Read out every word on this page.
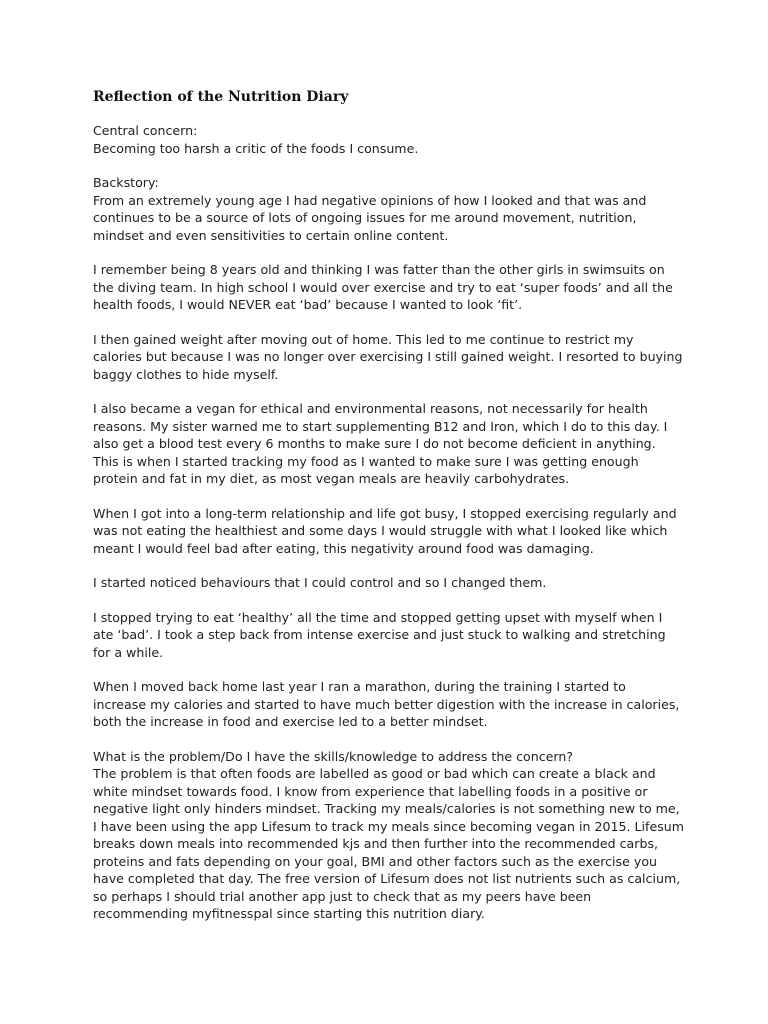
Reflection of the Nutrition Diary
Central concern:
Becoming too harsh a critic of the foods I consume.
Backstory:
From an extremely young age I had negative opinions of how I looked and that was and
continues to be a source of lots of ongoing issues for me around movement, nutrition,
mindset and even sensitivities to certain online content.
I remember being 8 years old and thinking I was fatter than the other girls in swimsuits on
the diving team. In high school I would over exercise and try to eat ‘super foods’ and all the
health foods, I would NEVER eat ‘bad’ because I wanted to look ‘fit’.
I then gained weight after moving out of home. This led to me continue to restrict my
calories but because I was no longer over exercising I still gained weight. I resorted to buying
baggy clothes to hide myself.
I also became a vegan for ethical and environmental reasons, not necessarily for health
reasons. My sister warned me to start supplementing B12 and Iron, which I do to this day. I
also get a blood test every 6 months to make sure I do not become deficient in anything.
This is when I started tracking my food as I wanted to make sure I was getting enough
protein and fat in my diet, as most vegan meals are heavily carbohydrates.
When I got into a long-term relationship and life got busy, I stopped exercising regularly and
was not eating the healthiest and some days I would struggle with what I looked like which
meant I would feel bad after eating, this negativity around food was damaging.
I started noticed behaviours that I could control and so I changed them.
I stopped trying to eat ‘healthy’ all the time and stopped getting upset with myself when I
ate ‘bad’. I took a step back from intense exercise and just stuck to walking and stretching
for a while.
When I moved back home last year I ran a marathon, during the training I started to
increase my calories and started to have much better digestion with the increase in calories,
both the increase in food and exercise led to a better mindset.
What is the problem/Do I have the skills/knowledge to address the concern?
The problem is that often foods are labelled as good or bad which can create a black and
white mindset towards food. I know from experience that labelling foods in a positive or
negative light only hinders mindset. Tracking my meals/calories is not something new to me,
I have been using the app Lifesum to track my meals since becoming vegan in 2015. Lifesum
breaks down meals into recommended kjs and then further into the recommended carbs,
proteins and fats depending on your goal, BMI and other factors such as the exercise you
have completed that day. The free version of Lifesum does not list nutrients such as calcium,
so perhaps I should trial another app just to check that as my peers have been
recommending myfitnesspal since starting this nutrition diary.
